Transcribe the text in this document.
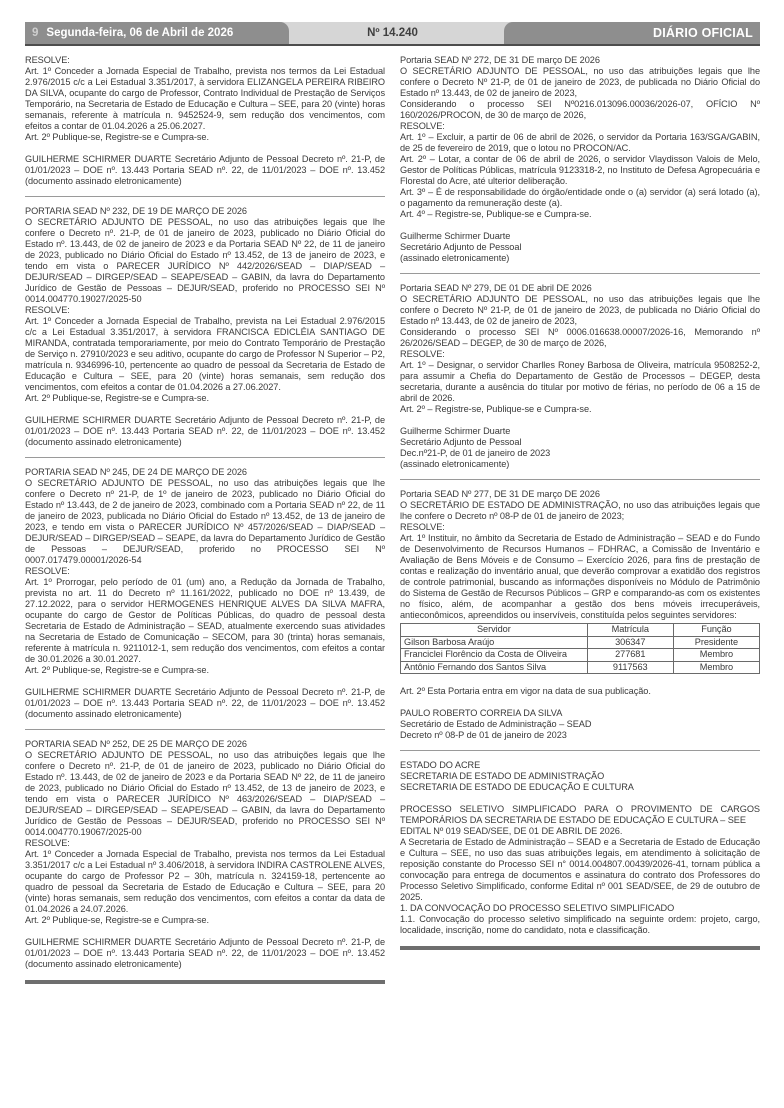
9 Segunda-feira, 06 de Abril de 2026	Nº 14.240	DIÁRIO OFICIAL
RESOLVE:
Art. 1º Conceder a Jornada Especial de Trabalho, prevista nos termos da Lei Estadual 2.976/2015 c/c a Lei Estadual 3.351/2017, à servidora ELIZANGELA PEREIRA RIBEIRO DA SILVA, ocupante do cargo de Professor, Contrato Individual de Prestação de Serviços Temporário, na Secretaria de Estado de Educação e Cultura – SEE, para 20 (vinte) horas semanais, referente à matrícula n. 9452524-9, sem redução dos vencimentos, com efeitos a contar de 01.04.2026 a 25.06.2027.
Art. 2º Publique-se, Registre-se e Cumpra-se.
GUILHERME SCHIRMER DUARTE Secretário Adjunto de Pessoal Decreto nº. 21-P, de 01/01/2023 – DOE nº. 13.443 Portaria SEAD nº. 22, de 11/01/2023 – DOE nº. 13.452 (documento assinado eletronicamente)
PORTARIA SEAD Nº 232, DE 19 DE MARÇO DE 2026
O SECRETÁRIO ADJUNTO DE PESSOAL, no uso das atribuições legais que lhe confere o Decreto nº. 21-P, de 01 de janeiro de 2023, publicado no Diário Oficial do Estado nº. 13.443, de 02 de janeiro de 2023 e da Portaria SEAD Nº 22, de 11 de janeiro de 2023, publicado no Diário Oficial do Estado nº 13.452, de 13 de janeiro de 2023, e tendo em vista o PARECER JURÍDICO Nº 442/2026/SEAD – DIAP/SEAD – DEJUR/SEAD – DIRGEP/SEAD – SEAPE/SEAD – GABIN, da lavra do Departamento Jurídico de Gestão de Pessoas – DEJUR/SEAD, proferido no PROCESSO SEI Nº 0014.004770.19027/2025-50
RESOLVE:
Art. 1º Conceder a Jornada Especial de Trabalho, prevista na Lei Estadual 2.976/2015 c/c a Lei Estadual 3.351/2017, à servidora FRANCISCA EDICLÉIA SANTIAGO DE MIRANDA, contratada temporariamente, por meio do Contrato Temporário de Prestação de Serviço n. 27910/2023 e seu aditivo, ocupante do cargo de Professor N Superior – P2, matrícula n. 9346996-10, pertencente ao quadro de pessoal da Secretaria de Estado de Educação e Cultura – SEE, para 20 (vinte) horas semanais, sem redução dos vencimentos, com efeitos a contar de 01.04.2026 a 27.06.2027.
Art. 2º Publique-se, Registre-se e Cumpra-se.
GUILHERME SCHIRMER DUARTE Secretário Adjunto de Pessoal Decreto nº. 21-P, de 01/01/2023 – DOE nº. 13.443 Portaria SEAD nº. 22, de 11/01/2023 – DOE nº. 13.452 (documento assinado eletronicamente)
PORTARIA SEAD Nº 245, DE 24 DE MARÇO DE 2026
O SECRETÁRIO ADJUNTO DE PESSOAL, no uso das atribuições legais que lhe confere o Decreto nº 21-P, de 1º de janeiro de 2023, publicado no Diário Oficial do Estado nº 13.443, de 2 de janeiro de 2023, combinado com a Portaria SEAD nº 22, de 11 de janeiro de 2023, publicada no Diário Oficial do Estado nº 13.452, de 13 de janeiro de 2023, e tendo em vista o PARECER JURÍDICO Nº 457/2026/SEAD – DIAP/SEAD – DEJUR/SEAD – DIRGEP/SEAD – SEAPE, da lavra do Departamento Jurídico de Gestão de Pessoas – DEJUR/SEAD, proferido no PROCESSO SEI Nº 0007.017479.00001/2026-54
RESOLVE:
Art. 1º Prorrogar, pelo período de 01 (um) ano, a Redução da Jornada de Trabalho, prevista no art. 11 do Decreto nº 11.161/2022, publicado no DOE nº 13.439, de 27.12.2022, para o servidor HERMOGENES HENRIQUE ALVES DA SILVA MAFRA, ocupante do cargo de Gestor de Políticas Públicas, do quadro de pessoal desta Secretaria de Estado de Administração – SEAD, atualmente exercendo suas atividades na Secretaria de Estado de Comunicação – SECOM, para 30 (trinta) horas semanais, referente à matrícula n. 9211012-1, sem redução dos vencimentos, com efeitos a contar de 30.01.2026 a 30.01.2027.
Art. 2º Publique-se, Registre-se e Cumpra-se.
GUILHERME SCHIRMER DUARTE Secretário Adjunto de Pessoal Decreto nº. 21-P, de 01/01/2023 – DOE nº. 13.443 Portaria SEAD nº. 22, de 11/01/2023 – DOE nº. 13.452 (documento assinado eletronicamente)
PORTARIA SEAD Nº 252, DE 25 DE MARÇO DE 2026
O SECRETÁRIO ADJUNTO DE PESSOAL, no uso das atribuições legais que lhe confere o Decreto nº. 21-P, de 01 de janeiro de 2023, publicado no Diário Oficial do Estado nº. 13.443, de 02 de janeiro de 2023 e da Portaria SEAD Nº 22, de 11 de janeiro de 2023, publicado no Diário Oficial do Estado nº 13.452, de 13 de janeiro de 2023, e tendo em vista o PARECER JURÍDICO Nº 463/2026/SEAD – DIAP/SEAD – DEJUR/SEAD – DIRGEP/SEAD – SEAPE/SEAD – GABIN, da lavra do Departamento Jurídico de Gestão de Pessoas – DEJUR/SEAD, proferido no PROCESSO SEI Nº 0014.004770.19067/2025-00
RESOLVE:
Art. 1º Conceder a Jornada Especial de Trabalho, prevista nos termos da Lei Estadual 3.351/2017 c/c a Lei Estadual nº 3.406/2018, à servidora INDIRA CASTROLENE ALVES, ocupante do cargo de Professor P2 – 30h, matrícula n. 324159-18, pertencente ao quadro de pessoal da Secretaria de Estado de Educação e Cultura – SEE, para 20 (vinte) horas semanais, sem redução dos vencimentos, com efeitos a contar da data de 01.04.2026 a 24.07.2026.
Art. 2º Publique-se, Registre-se e Cumpra-se.
GUILHERME SCHIRMER DUARTE Secretário Adjunto de Pessoal Decreto nº. 21-P, de 01/01/2023 – DOE nº. 13.443 Portaria SEAD nº. 22, de 11/01/2023 – DOE nº. 13.452 (documento assinado eletronicamente)
Portaria SEAD Nº 272, DE 31 DE março DE 2026
O SECRETÁRIO ADJUNTO DE PESSOAL, no uso das atribuições legais que lhe confere o Decreto Nº 21-P, de 01 de janeiro de 2023, de publicada no Diário Oficial do Estado nº 13.443, de 02 de janeiro de 2023,
Considerando o processo SEI Nº0216.013096.00036/2026-07, OFÍCIO Nº 160/2026/PROCON, de 30 de março de 2026,
RESOLVE:
Art. 1º – Excluir, a partir de 06 de abril de 2026, o servidor da Portaria 163/SGA/GABIN, de 25 de fevereiro de 2019, que o lotou no PROCON/AC.
Art. 2º – Lotar, a contar de 06 de abril de 2026, o servidor Vlaydisson Valois de Melo, Gestor de Políticas Públicas, matrícula 9123318-2, no Instituto de Defesa Agropecuária e Florestal do Acre, até ulterior deliberação.
Art. 3º – É de responsabilidade do órgão/entidade onde o (a) servidor (a) será lotado (a), o pagamento da remuneração deste (a).
Art. 4º – Registre-se, Publique-se e Cumpra-se.
Guilherme Schirmer Duarte
Secretário Adjunto de Pessoal
(assinado eletronicamente)
Portaria SEAD Nº 279, DE 01 DE abril DE 2026
O SECRETÁRIO ADJUNTO DE PESSOAL, no uso das atribuições legais que lhe confere o Decreto Nº 21-P, de 01 de janeiro de 2023, de publicada no Diário Oficial do Estado nº 13.443, de 02 de janeiro de 2023,
Considerando o processo SEI Nº 0006.016638.00007/2026-16, Memorando nº 26/2026/SEAD – DEGEP, de 30 de março de 2026,
RESOLVE:
Art. 1º – Designar, o servidor Charlles Roney Barbosa de Oliveira, matrícula 9508252-2, para assumir a Chefia do Departamento de Gestão de Processos – DEGEP, desta secretaria, durante a ausência do titular por motivo de férias, no período de 06 a 15 de abril de 2026.
Art. 2º – Registre-se, Publique-se e Cumpra-se.
Guilherme Schirmer Duarte
Secretário Adjunto de Pessoal
Dec.nº21-P, de 01 de janeiro de 2023
(assinado eletronicamente)
Portaria SEAD Nº 277, DE 31 DE março DE 2026
O SECRETÁRIO DE ESTADO DE ADMINISTRAÇÃO, no uso das atribuições legais que lhe confere o Decreto nº 08-P de 01 de janeiro de 2023;
RESOLVE:
Art. 1º Instituir, no âmbito da Secretaria de Estado de Administração – SEAD e do Fundo de Desenvolvimento de Recursos Humanos – FDHRAC, a Comissão de Inventário e Avaliação de Bens Móveis e de Consumo – Exercício 2026, para fins de prestação de contas e realização do inventário anual, que deverão comprovar a exatidão dos registros de controle patrimonial, buscando as informações disponíveis no Módulo de Patrimônio do Sistema de Gestão de Recursos Públicos – GRP e comparando-as com os existentes no físico, além, de acompanhar a gestão dos bens móveis irrecuperáveis, antieconômicos, apreendidos ou inservíveis, constituída pelos seguintes servidores:
Servidor	Matrícula	Função
Gilson Barbosa Araújo	306347	Presidente
Franciclei Florêncio da Costa de Oliveira	277681	Membro
Antônio Fernando dos Santos Silva	9117563	Membro
Art. 2º Esta Portaria entra em vigor na data de sua publicação.
PAULO ROBERTO CORREIA DA SILVA
Secretário de Estado de Administração – SEAD
Decreto nº 08-P de 01 de janeiro de 2023
ESTADO DO ACRE
SECRETARIA DE ESTADO DE ADMINISTRAÇÃO
SECRETARIA DE ESTADO DE EDUCAÇÃO E CULTURA
PROCESSO SELETIVO SIMPLIFICADO PARA O PROVIMENTO DE CARGOS TEMPORÁRIOS DA SECRETARIA DE ESTADO DE EDUCAÇÃO E CULTURA – SEE
EDITAL Nº 019 SEAD/SEE, DE 01 DE ABRIL DE 2026.
A Secretaria de Estado de Administração – SEAD e a Secretaria de Estado de Educação e Cultura – SEE, no uso das suas atribuições legais, em atendimento à solicitação de reposição constante do Processo SEI n° 0014.004807.00439/2026-41, tornam pública a convocação para entrega de documentos e assinatura do contrato dos Professores do Processo Seletivo Simplificado, conforme Edital nº 001 SEAD/SEE, de 29 de outubro de 2025.
1. DA CONVOCAÇÃO DO PROCESSO SELETIVO SIMPLIFICADO
1.1. Convocação do processo seletivo simplificado na seguinte ordem: projeto, cargo, localidade, inscrição, nome do candidato, nota e classificação.
